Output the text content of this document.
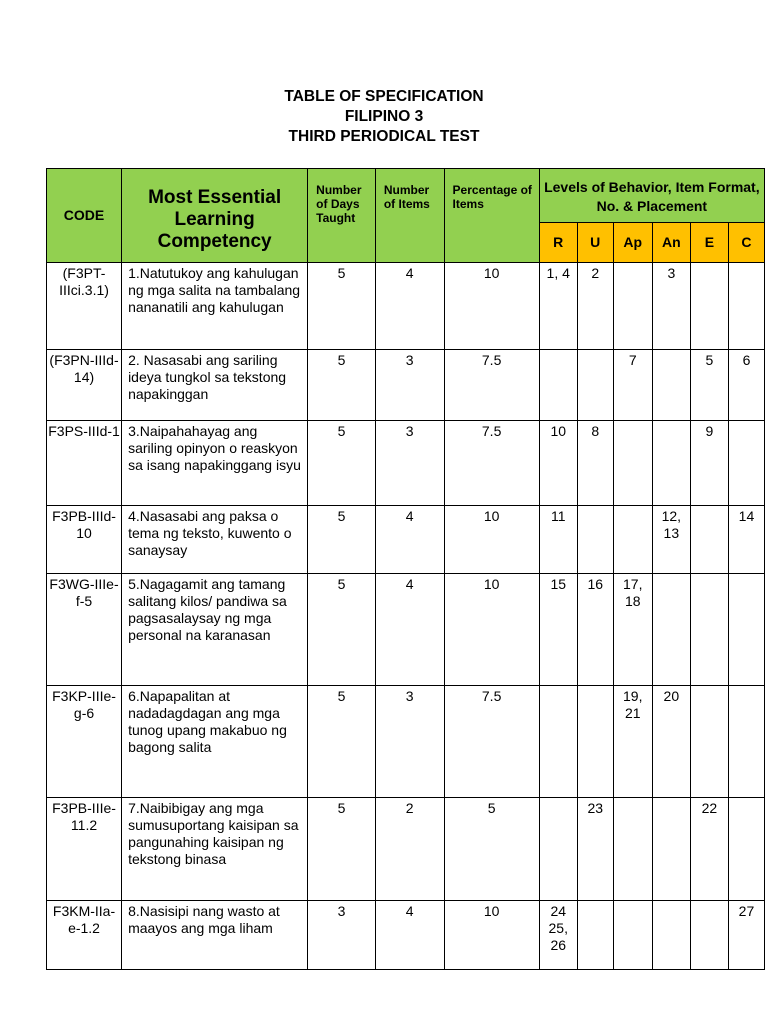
TABLE OF SPECIFICATION
FILIPINO 3
THIRD PERIODICAL TEST
CODE	Most Essential Learning Competency	Number of Days Taught	Number of Items	Percentage of Items	Levels of Behavior, Item Format, No. & Placement					
					R	U	Ap	An	E	C
(F3PT-IIIci.3.1)	1.Natutukoy ang kahulugan ng mga salita na tambalang nananatili ang kahulugan	5	4	10	1, 4	2		3		
(F3PN-IIId-14)	2. Nasasabi ang sariling ideya tungkol sa tekstong napakinggan	5	3	7.5			7		5	6
F3PS-IIId-1	3.Naipahahayag ang sariling opinyon o reaskyon sa isang napakinggang isyu	5	3	7.5	10	8			9	
F3PB-IIId-10	4.Nasasabi ang paksa o tema ng teksto, kuwento o sanaysay	5	4	10	11			12, 13		14
F3WG-IIIe-f-5	5.Nagagamit ang tamang salitang kilos/ pandiwa sa pagsasalaysay ng mga personal na karanasan	5	4	10	15	16	17, 18			
F3KP-IIIe-g-6	6.Napapalitan at nadadagdagan ang mga tunog upang makabuo ng bagong salita	5	3	7.5			19, 21	20		
F3PB-IIIe-11.2	7.Naibibigay ang mga sumusuportang kaisipan sa pangunahing kaisipan ng tekstong binasa	5	2	5		23			22	
F3KM-IIa-e-1.2	8.Nasisipi nang wasto at maayos ang mga liham	3	4	10	24 25, 26					27
